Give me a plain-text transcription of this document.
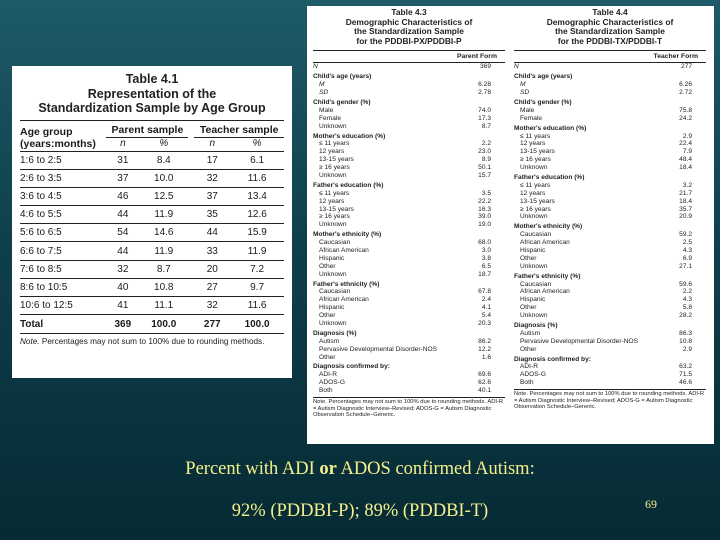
Table 4.1
Representation of the
Standardization Sample by Age Group
Age group
(years:months)	Parent sample			Teacher sample	
	n	%		n	%
1:6 to 2:5	31	8.4		17	6.1
2:6 to 3:5	37	10.0		32	11.6
3:6 to 4:5	46	12.5		37	13.4
4:6 to 5:5	44	11.9		35	12.6
5:6 to 6:5	54	14.6		44	15.9
6:6 to 7:5	44	11.9		33	11.9
7:6 to 8:5	32	8.7		20	7.2
8:6 to 10:5	40	10.8		27	9.7
10:6 to 12:5	41	11.1		32	11.6
Total	369	100.0		277	100.0
Note. Percentages may not sum to 100% due to rounding methods.
Table 4.3
Demographic Characteristics of
the Standardization Sample
for the PDDBI-PX/PDDBI-P
Parent Form
N	369
Child's age (years)
M	6.28
SD	2.78
Child's gender (%)
Male	74.0
Female	17.3
Unknown	8.7
Mother's education (%)
≤ 11 years	2.2
12 years	23.0
13-15 years	8.9
≥ 16 years	50.1
Unknown	15.7
Father's education (%)
≤ 11 years	3.5
12 years	22.2
13-15 years	16.3
≥ 16 years	39.0
Unknown	19.0
Mother's ethnicity (%)
Caucasian	68.0
African American	3.0
Hispanic	3.8
Other	6.5
Unknown	18.7
Father's ethnicity (%)
Caucasian	67.8
African American	2.4
Hispanic	4.1
Other	5.4
Unknown	20.3
Diagnosis (%)
Autism	86.2
Pervasive Developmental Disorder-NOS	12.2
Other	1.6
Diagnosis confirmed by:
ADI-R	69.6
ADOS-G	62.6
Both	40.1
Note. Percentages may not sum to 100% due to rounding methods. ADI-R = Autism Diagnostic Interview–Revised; ADOS-G = Autism Diagnostic Observation Schedule–Generic.
Table 4.4
Demographic Characteristics of
the Standardization Sample
for the PDDBI-TX/PDDBI-T
Teacher Form
N	277
Child's age (years)
M	6.26
SD	2.72
Child's gender (%)
Male	75.8
Female	24.2
Mother's education (%)
≤ 11 years	2.9
12 years	22.4
13-15 years	7.9
≥ 16 years	48.4
Unknown	18.4
Father's education (%)
≤ 11 years	3.2
12 years	21.7
13-15 years	18.4
≥ 16 years	35.7
Unknown	20.9
Mother's ethnicity (%)
Caucasian	59.2
African American	2.5
Hispanic	4.3
Other	6.9
Unknown	27.1
Father's ethnicity (%)
Caucasian	59.6
African American	2.2
Hispanic	4.3
Other	5.8
Unknown	28.2
Diagnosis (%)
Autism	86.3
Pervasive Developmental Disorder-NOS	10.8
Other	2.9
Diagnosis confirmed by:
ADI-R	63.2
ADOS-G	71.5
Both	46.6
Note. Percentages may not sum to 100% due to rounding methods. ADI-R = Autism Diagnostic Interview–Revised; ADOS-G = Autism Diagnostic Observation Schedule–Generic.
Percent with ADI or ADOS confirmed Autism:
92% (PDDBI-P); 89% (PDDBI-T)	69
